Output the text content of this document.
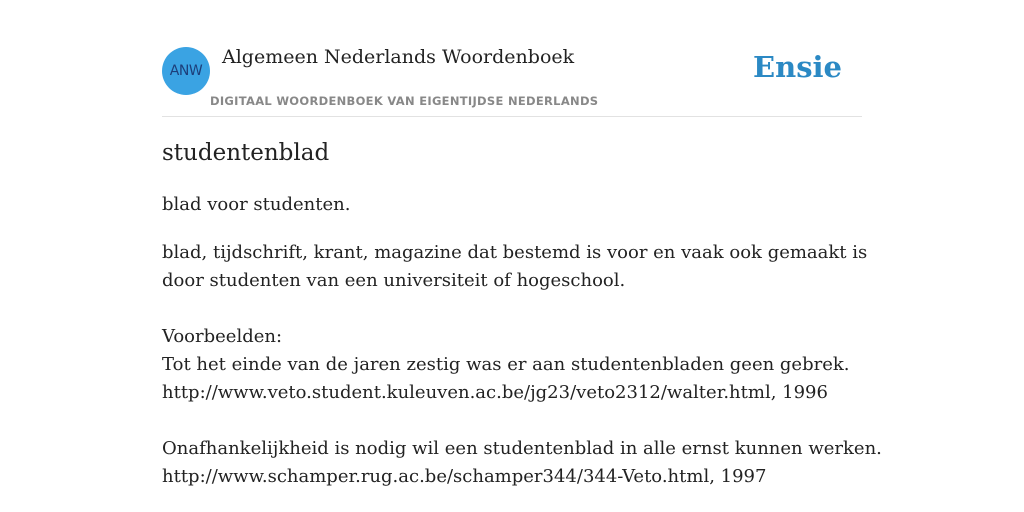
ANW
Algemeen Nederlands Woordenboek
DIGITAAL WOORDENBOEK VAN EIGENTIJDSE NEDERLANDS
Ensie
studentenblad
blad voor studenten.
blad, tijdschrift, krant, magazine dat bestemd is voor en vaak ook gemaakt is
door studenten van een universiteit of hogeschool.
Voorbeelden:
Tot het einde van de jaren zestig was er aan studentenbladen geen gebrek.
http://www.veto.student.kuleuven.ac.be/jg23/veto2312/walter.html, 1996
Onafhankelijkheid is nodig wil een studentenblad in alle ernst kunnen werken.
http://www.schamper.rug.ac.be/schamper344/344-Veto.html, 1997
